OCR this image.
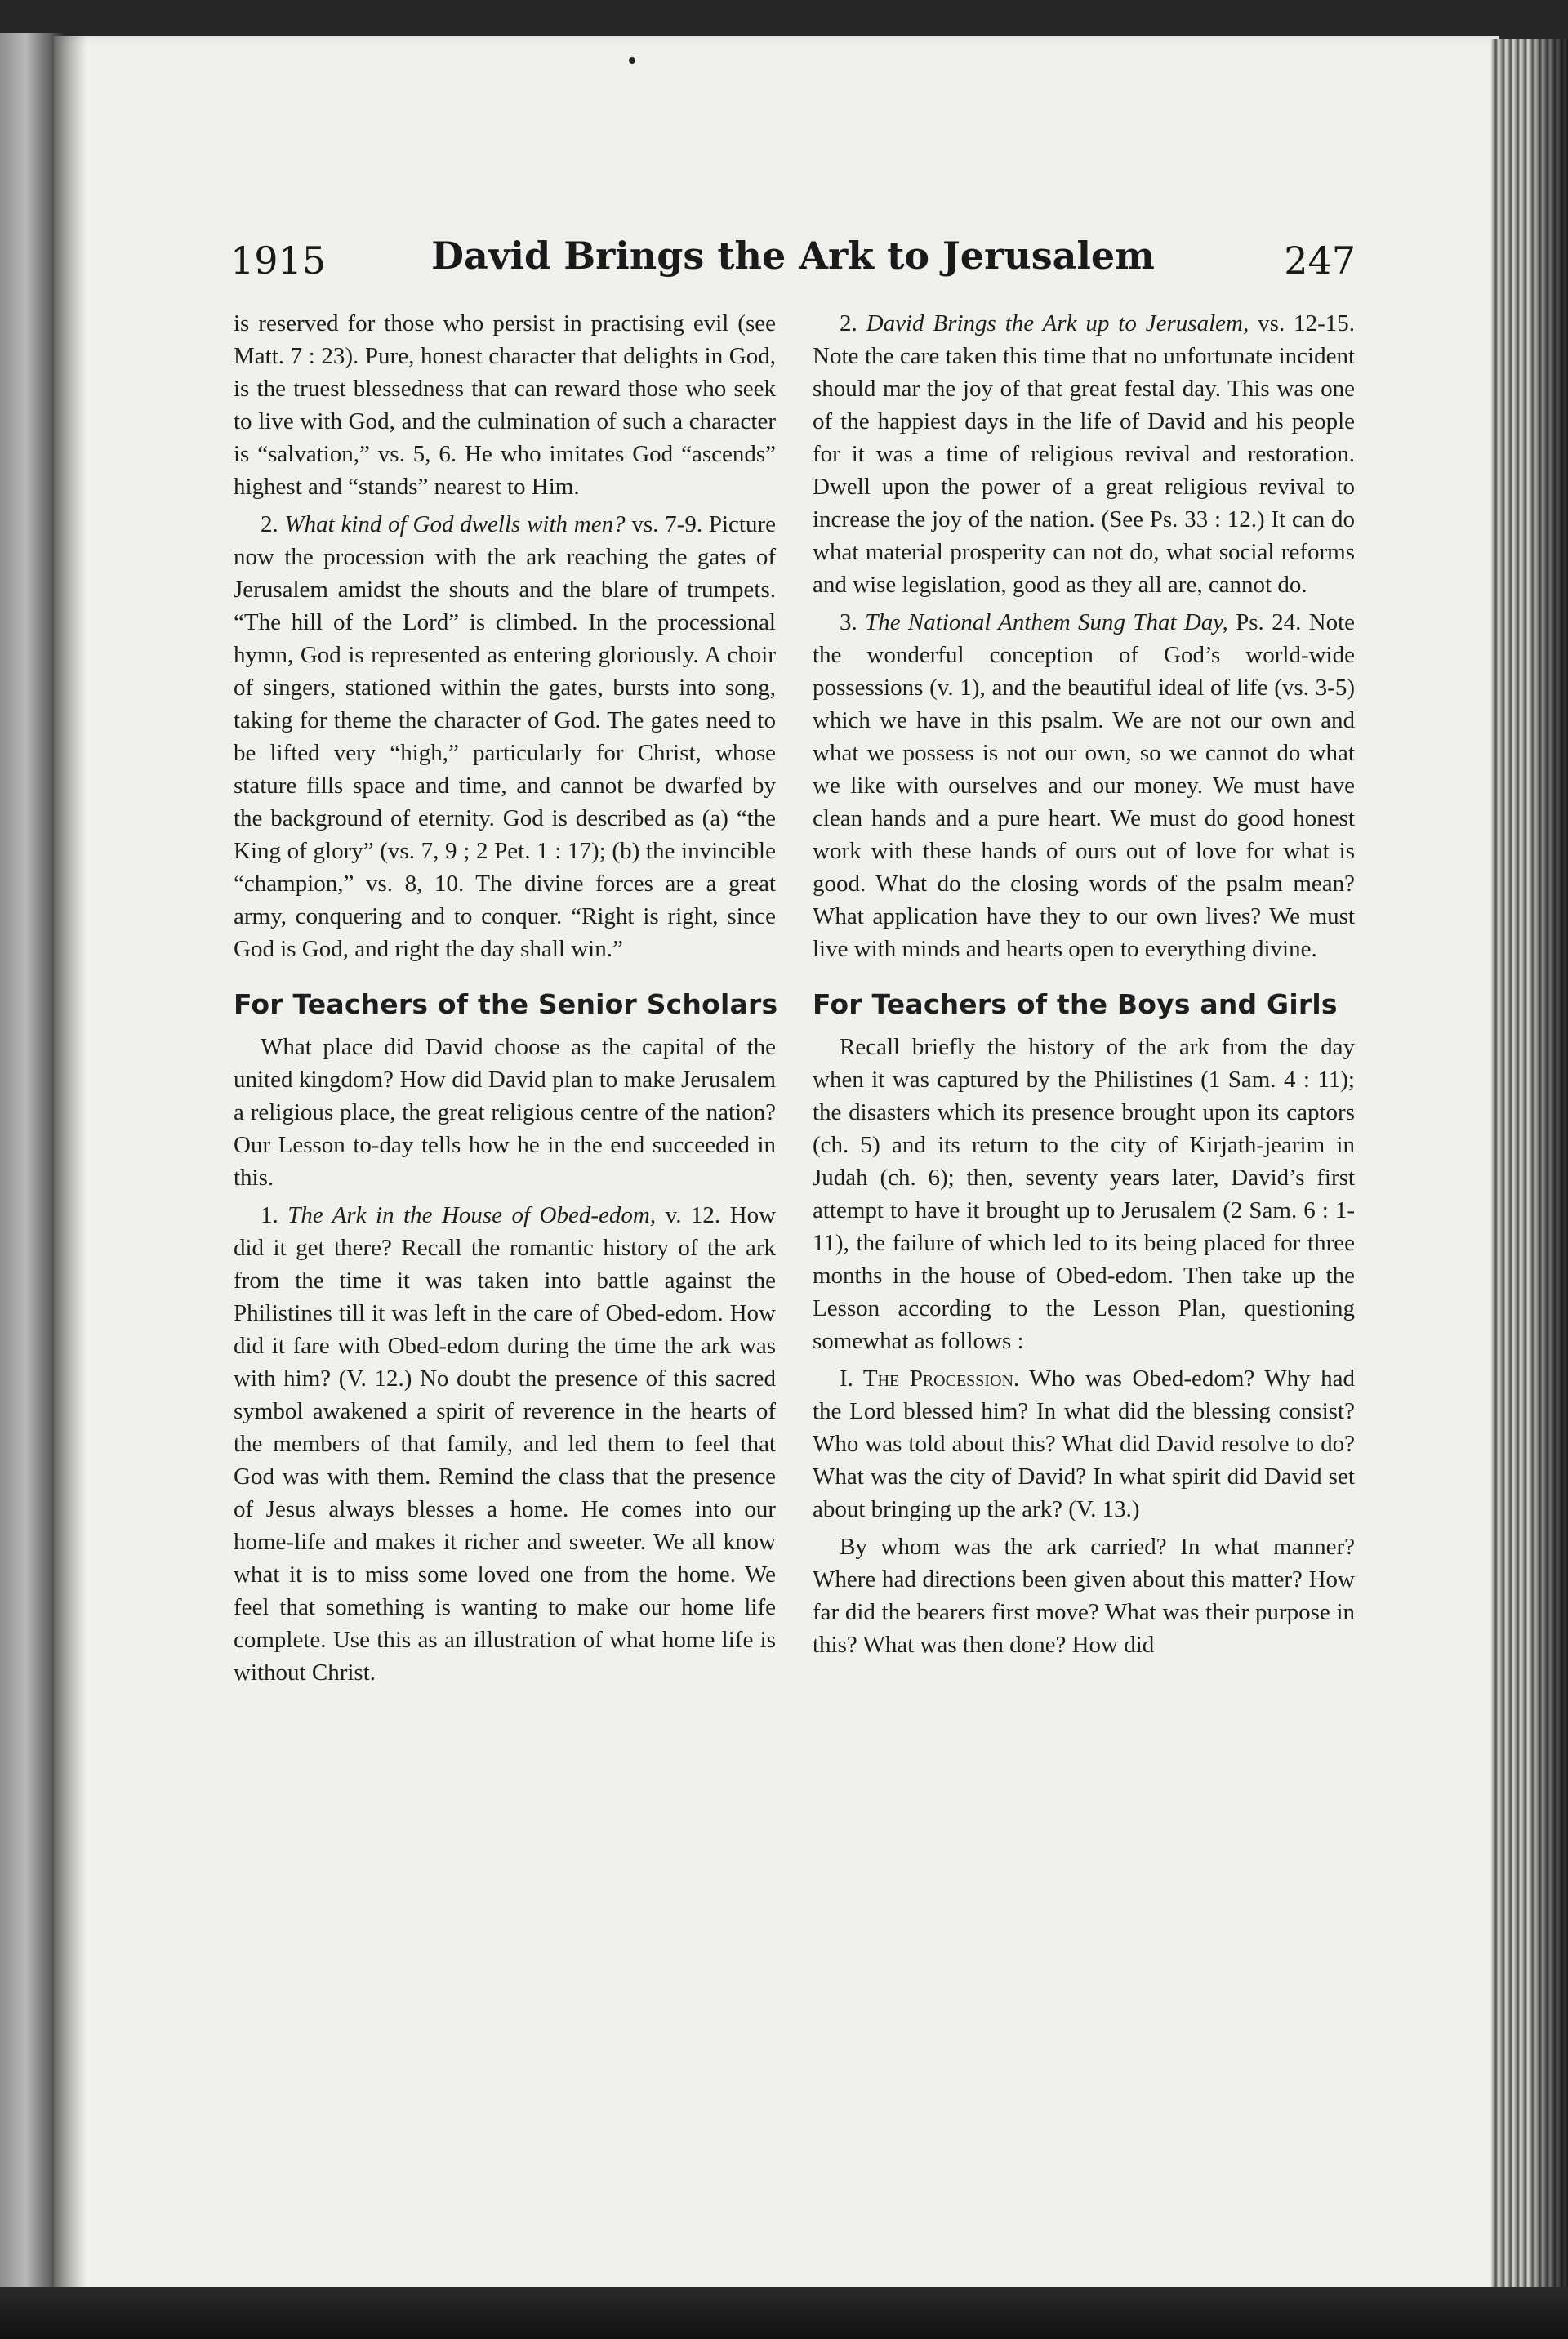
1915	David Brings the Ark to Jerusalem	247

is reserved for those who persist in practising evil (see Matt. 7 : 23). Pure, honest character that delights in God, is the truest blessedness that can reward those who seek to live with God, and the culmination of such a character is “salvation,” vs. 5, 6. He who imitates God “ascends” highest and “stands” nearest to Him.

2. What kind of God dwells with men? vs. 7-9. Picture now the procession with the ark reaching the gates of Jerusalem amidst the shouts and the blare of trumpets. “The hill of the Lord” is climbed. In the processional hymn, God is represented as entering gloriously. A choir of singers, stationed within the gates, bursts into song, taking for theme the character of God. The gates need to be lifted very “high,” particularly for Christ, whose stature fills space and time, and cannot be dwarfed by the background of eternity. God is described as (a) “the King of glory” (vs. 7, 9 ; 2 Pet. 1 : 17); (b) the invincible “champion,” vs. 8, 10. The divine forces are a great army, conquering and to conquer. “Right is right, since God is God, and right the day shall win.”

For Teachers of the Senior Scholars

What place did David choose as the capital of the united kingdom? How did David plan to make Jerusalem a religious place, the great religious centre of the nation? Our Lesson to-day tells how he in the end succeeded in this.

1. The Ark in the House of Obed-edom, v. 12. How did it get there? Recall the romantic history of the ark from the time it was taken into battle against the Philistines till it was left in the care of Obed-edom. How did it fare with Obed-edom during the time the ark was with him? (V. 12.) No doubt the presence of this sacred symbol awakened a spirit of reverence in the hearts of the members of that family, and led them to feel that God was with them. Remind the class that the presence of Jesus always blesses a home. He comes into our home-life and makes it richer and sweeter. We all know what it is to miss some loved one from the home. We feel that something is wanting to make our home life complete. Use this as an illustration of what home life is without Christ.

2. David Brings the Ark up to Jerusalem, vs. 12-15. Note the care taken this time that no unfortunate incident should mar the joy of that great festal day. This was one of the happiest days in the life of David and his people for it was a time of religious revival and restoration. Dwell upon the power of a great religious revival to increase the joy of the nation. (See Ps. 33 : 12.) It can do what material prosperity can not do, what social reforms and wise legislation, good as they all are, cannot do.

3. The National Anthem Sung That Day, Ps. 24. Note the wonderful conception of God’s world-wide possessions (v. 1), and the beautiful ideal of life (vs. 3-5) which we have in this psalm. We are not our own and what we possess is not our own, so we cannot do what we like with ourselves and our money. We must have clean hands and a pure heart. We must do good honest work with these hands of ours out of love for what is good. What do the closing words of the psalm mean? What application have they to our own lives? We must live with minds and hearts open to everything divine.

For Teachers of the Boys and Girls

Recall briefly the history of the ark from the day when it was captured by the Philistines (1 Sam. 4 : 11); the disasters which its presence brought upon its captors (ch. 5) and its return to the city of Kirjath-jearim in Judah (ch. 6); then, seventy years later, David’s first attempt to have it brought up to Jerusalem (2 Sam. 6 : 1-11), the failure of which led to its being placed for three months in the house of Obed-edom. Then take up the Lesson according to the Lesson Plan, questioning somewhat as follows :

I. The Procession. Who was Obed-edom? Why had the Lord blessed him? In what did the blessing consist? Who was told about this? What did David resolve to do? What was the city of David? In what spirit did David set about bringing up the ark? (V. 13.)

By whom was the ark carried? In what manner? Where had directions been given about this matter? How far did the bearers first move? What was their purpose in this? What was then done? How did
